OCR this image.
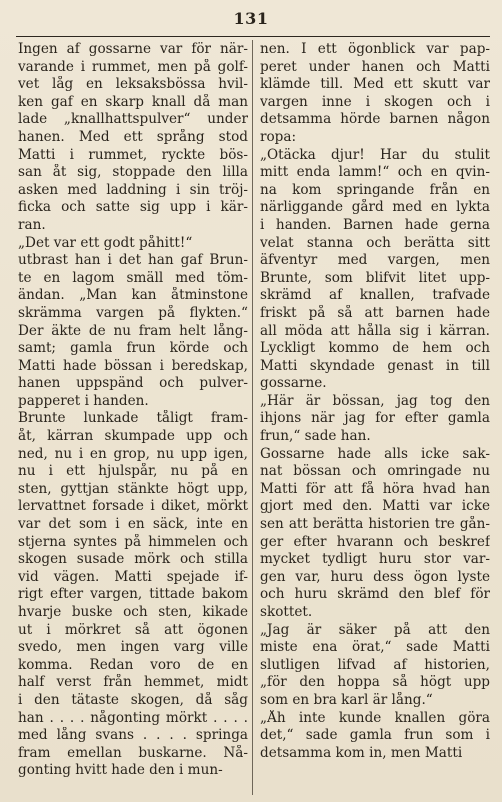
131
Ingen af gossarne var för när-
varande i rummet, men på golf-
vet låg en leksaksbössa hvil-
ken gaf en skarp knall då man
lade „knallhattspulver“ under
hanen. Med ett språng stod
Matti i rummet, ryckte bös-
san åt sig, stoppade den lilla
asken med laddning i sin tröj-
ficka och satte sig upp i kär-
ran.
„Det var ett godt påhitt!“
utbrast han i det han gaf Brun-
te en lagom smäll med töm-
ändan. „Man kan åtminstone
skrämma vargen på flykten.“
Der äkte de nu fram helt lång-
samt; gamla frun körde och
Matti hade bössan i beredskap,
hanen uppspänd och pulver-
papperet i handen.
Brunte lunkade tåligt fram-
åt, kärran skumpade upp och
ned, nu i en grop, nu upp igen,
nu i ett hjulspår, nu på en
sten, gyttjan stänkte högt upp,
lervattnet forsade i diket, mörkt
var det som i en säck, inte en
stjerna syntes på himmelen och
skogen susade mörk och stilla
vid vägen. Matti spejade if-
rigt efter vargen, tittade bakom
hvarje buske och sten, kikade
ut i mörkret så att ögonen
svedo, men ingen varg ville
komma. Redan voro de en
half verst från hemmet, midt
i den tätaste skogen, då såg
han . . . . någonting mörkt . . . .
med lång svans . . . . springa
fram emellan buskarne. Nå-
gonting hvitt hade den i mun-
nen. I ett ögonblick var pap-
peret under hanen och Matti
klämde till. Med ett skutt var
vargen inne i skogen och i
detsamma hörde barnen någon
ropa:
„Otäcka djur! Har du stulit
mitt enda lamm!“ och en qvin-
na kom springande från en
närliggande gård med en lykta
i handen. Barnen hade gerna
velat stanna och berätta sitt
äfventyr med vargen, men
Brunte, som blifvit litet upp-
skrämd af knallen, trafvade
friskt på så att barnen hade
all möda att hålla sig i kärran.
Lyckligt kommo de hem och
Matti skyndade genast in till
gossarne.
„Här är bössan, jag tog den
ihjons när jag for efter gamla
frun,“ sade han.
Gossarne hade alls icke sak-
nat bössan och omringade nu
Matti för att få höra hvad han
gjort med den. Matti var icke
sen att berätta historien tre gån-
ger efter hvarann och beskref
mycket tydligt huru stor var-
gen var, huru dess ögon lyste
och huru skrämd den blef för
skottet.
„Jag är säker på att den
miste ena örat,“ sade Matti
slutligen lifvad af historien,
„för den hoppa så högt upp
som en bra karl är lång.“
„Åh inte kunde knallen göra
det,“ sade gamla frun som i
detsamma kom in, men Matti
